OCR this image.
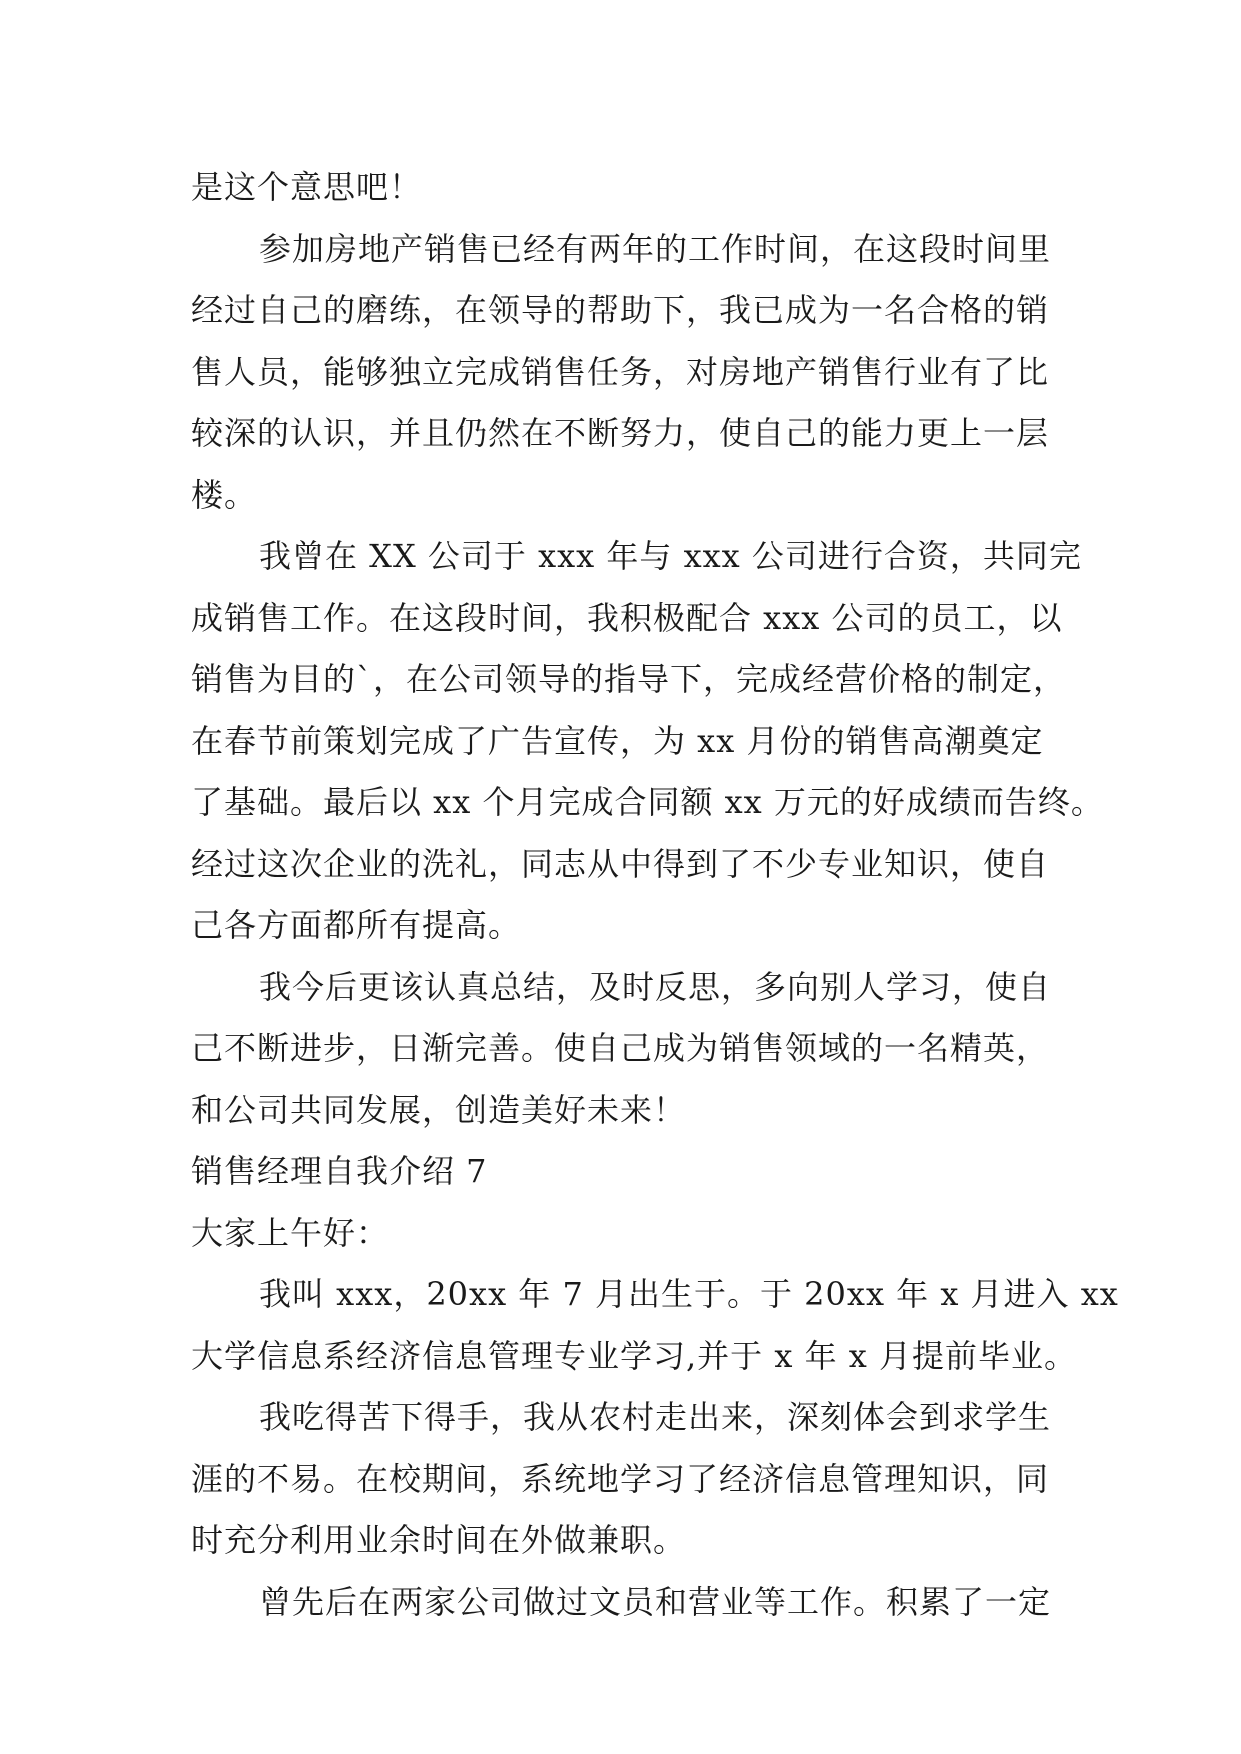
是这个意思吧！
参加房地产销售已经有两年的工作时间，在这段时间里
经过自己的磨练，在领导的帮助下，我已成为一名合格的销
售人员，能够独立完成销售任务，对房地产销售行业有了比
较深的认识，并且仍然在不断努力，使自己的能力更上一层
楼。
我曾在 XX 公司于 xxx 年与 xxx 公司进行合资，共同完
成销售工作。在这段时间，我积极配合 xxx 公司的员工，以
销售为目的`，在公司领导的指导下，完成经营价格的制定，
在春节前策划完成了广告宣传，为 xx 月份的销售高潮奠定
了基础。最后以 xx 个月完成合同额 xx 万元的好成绩而告终。
经过这次企业的洗礼，同志从中得到了不少专业知识，使自
己各方面都所有提高。
我今后更该认真总结，及时反思，多向别人学习，使自
己不断进步，日渐完善。使自己成为销售领域的一名精英，
和公司共同发展，创造美好未来！
销售经理自我介绍 7
大家上午好：
我叫 xxx，20xx 年 7 月出生于。于 20xx 年 x 月进入 xx
大学信息系经济信息管理专业学习,并于 x 年 x 月提前毕业。
我吃得苦下得手，我从农村走出来，深刻体会到求学生
涯的不易。在校期间，系统地学习了经济信息管理知识，同
时充分利用业余时间在外做兼职。
曾先后在两家公司做过文员和营业等工作。积累了一定
